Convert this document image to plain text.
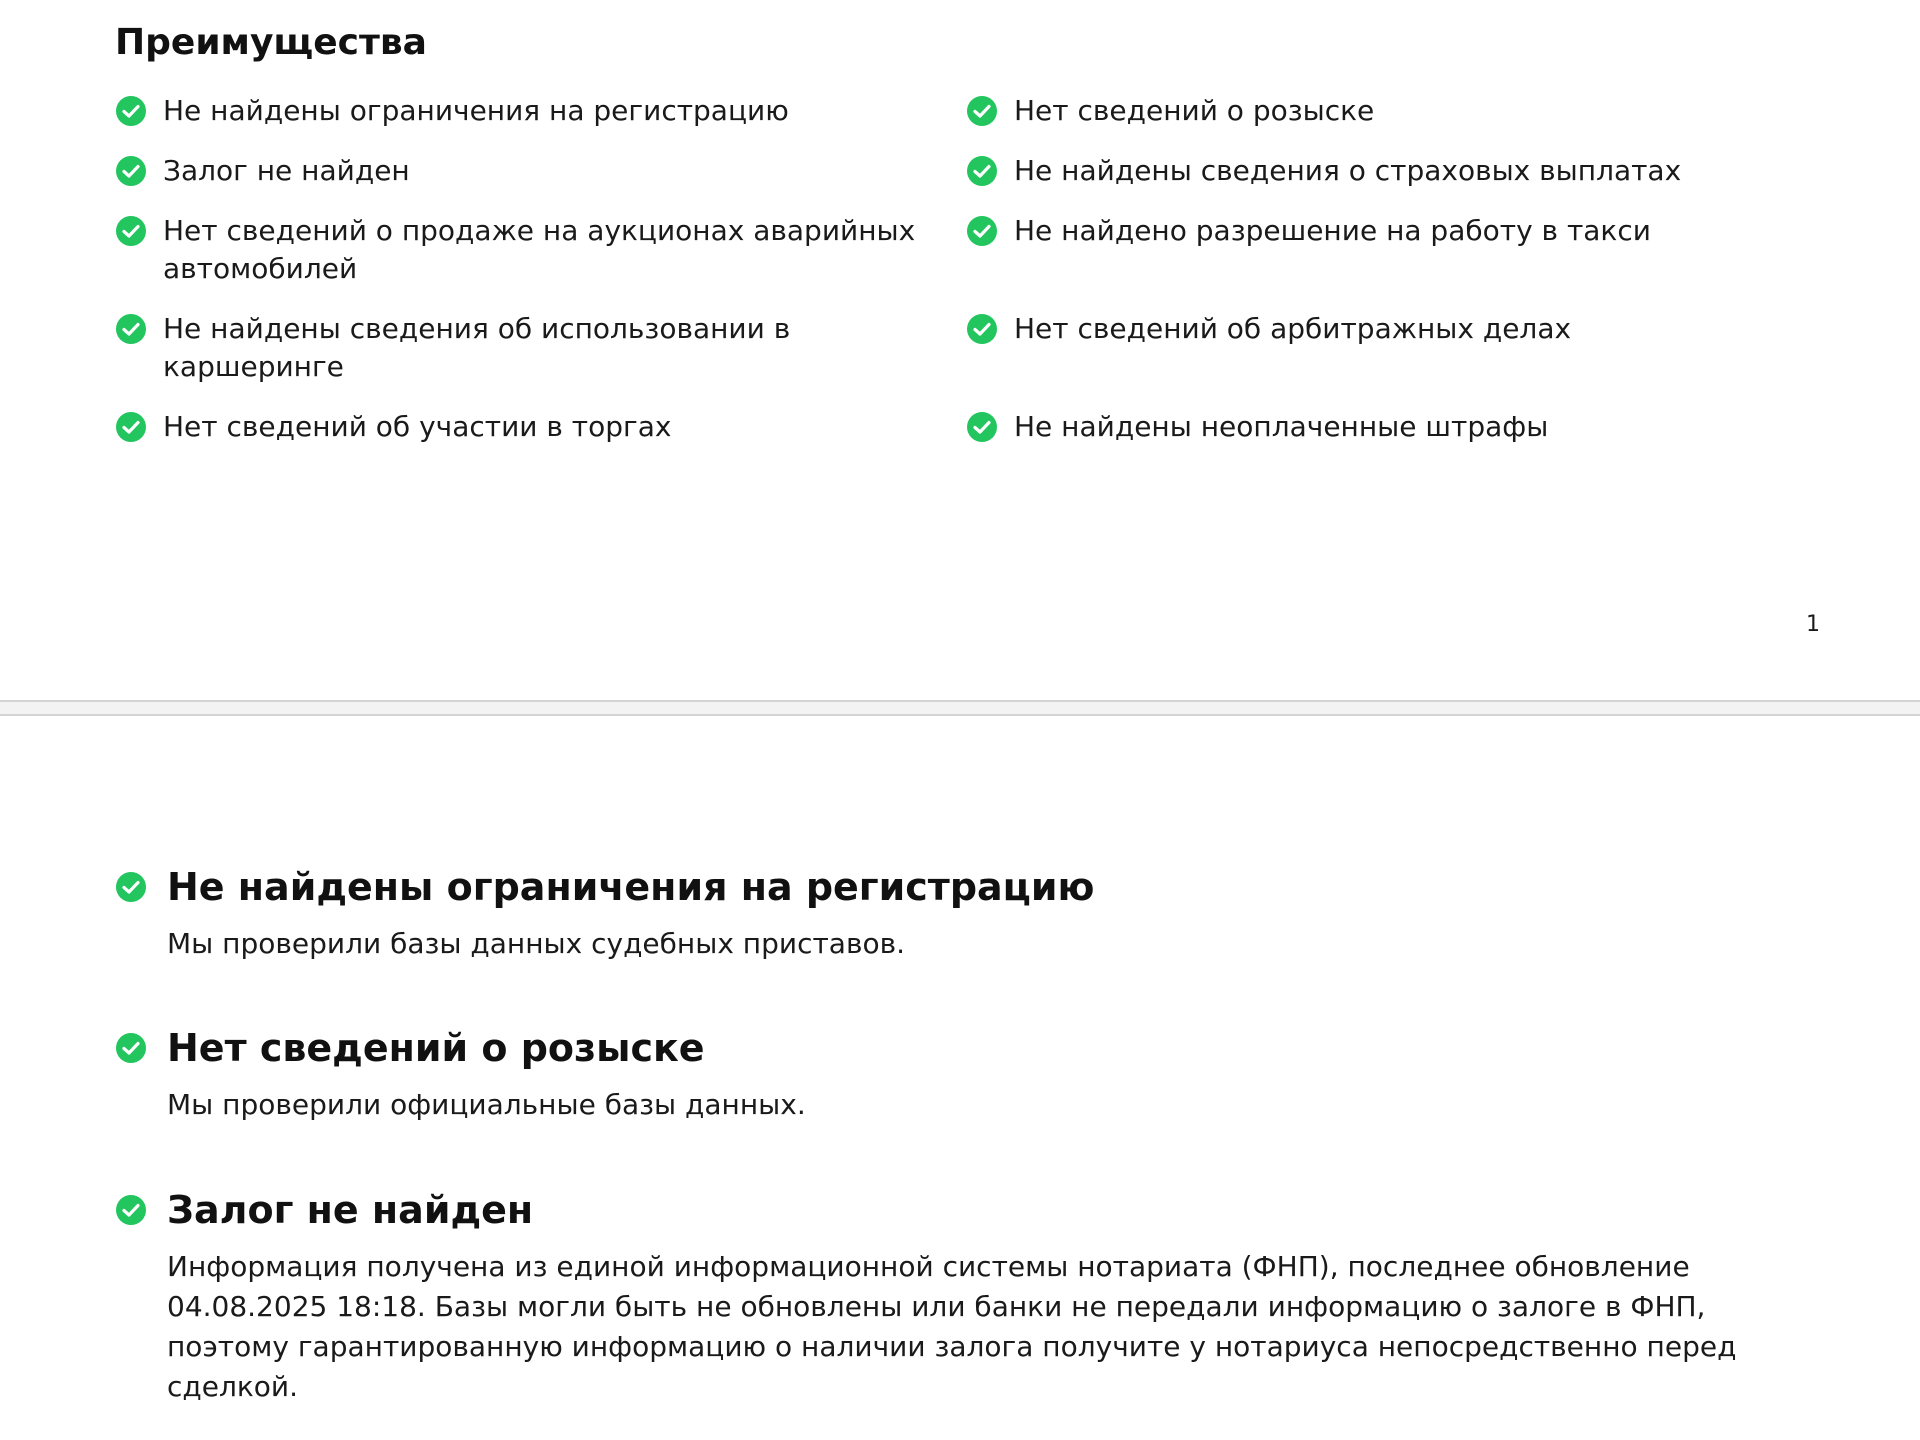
Преимущества
Не найдены ограничения на регистрацию	Нет сведений о розыске
Залог не найден	Не найдены сведения о страховых выплатах
Нет сведений о продаже на аукционах аварийных автомобилей
Не найдено разрешение на работу в такси
Не найдены сведения об использовании в каршеринге
Нет сведений об арбитражных делах
Нет сведений об участии в торгах	Не найдены неоплаченные штрафы
1
Не найдены ограничения на регистрацию

Мы проверили базы данных судебных приставов.

Нет сведений о розыске

Мы проверили официальные базы данных.

Залог не найден

Информация получена из единой информационной системы нотариата (ФНП), последнее обновление 04.08.2025 18:18. Базы могли быть не обновлены или банки не передали информацию о залоге в ФНП, поэтому гарантированную информацию о наличии залога получите у нотариуса непосредственно перед сделкой.
